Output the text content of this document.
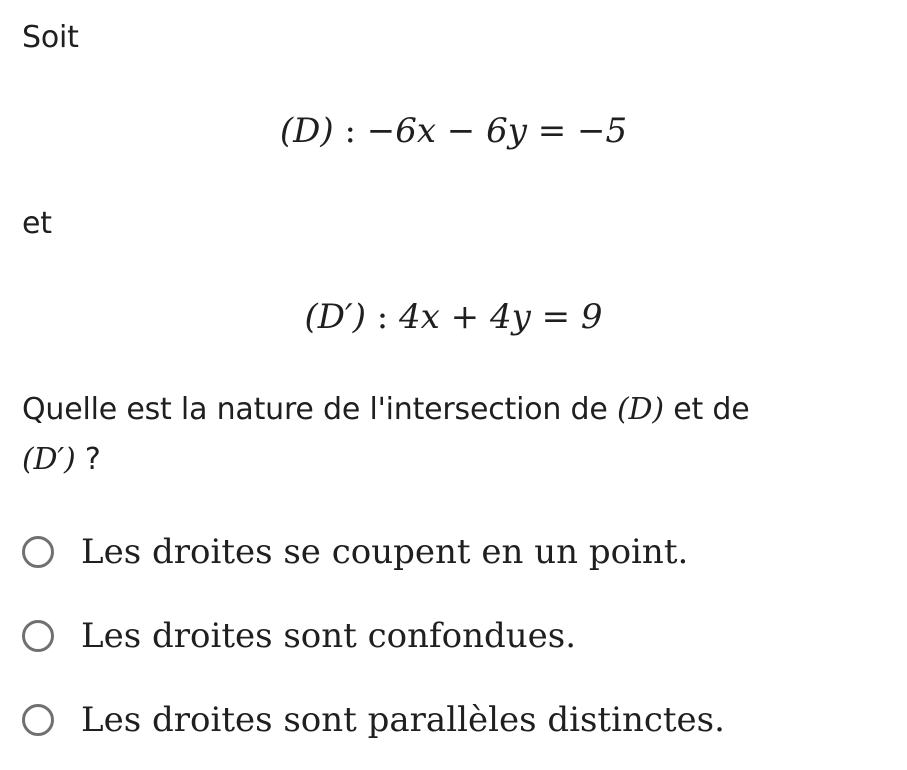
Soit
(D) : −6x − 6y = −5
et
(D′) : 4x + 4y = 9
Quelle est la nature de l'intersection de (D) et de
(D′) ?
Les droites se coupent en un point.
Les droites sont confondues.
Les droites sont parallèles distinctes.
